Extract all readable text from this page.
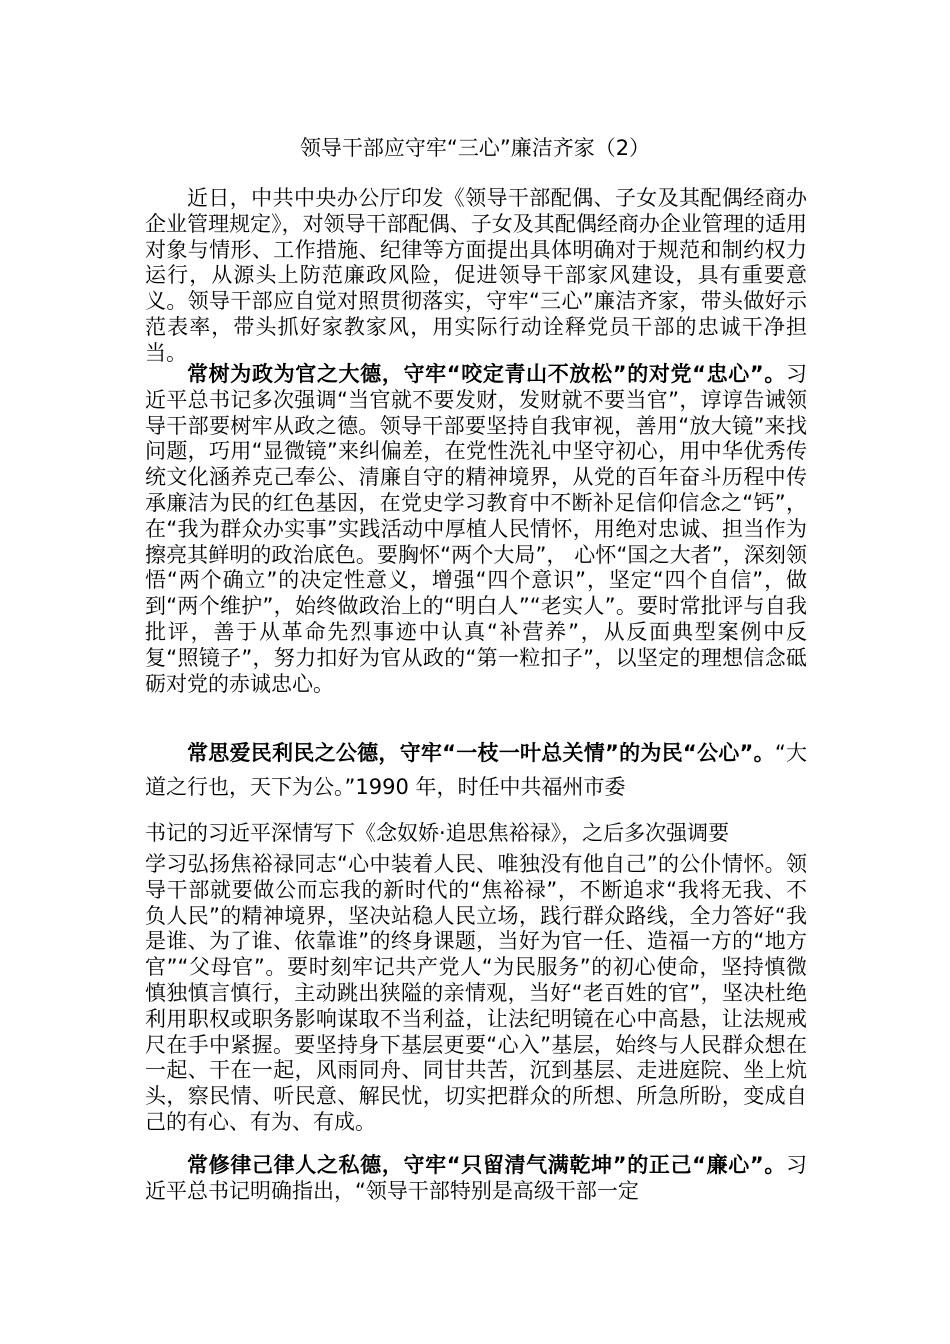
领导干部应守牢“三心”廉洁齐家（2）

近日，中共中央办公厅印发《领导干部配偶、子女及其配偶经商办企业管理规定》，对领导干部配偶、子女及其配偶经商办企业管理的适用对象与情形、工作措施、纪律等方面提出具体明确对于规范和制约权力运行，从源头上防范廉政风险，促进领导干部家风建设，具有重要意义。领导干部应自觉对照贯彻落实，守牢“三心”廉洁齐家，带头做好示范表率，带头抓好家教家风，用实际行动诠释党员干部的忠诚干净担当。

常树为政为官之大德，守牢“咬定青山不放松”的对党“忠心”。习近平总书记多次强调“当官就不要发财，发财就不要当官”，谆谆告诫领导干部要树牢从政之德。领导干部要坚持自我审视，善用“放大镜”来找问题，巧用“显微镜”来纠偏差，在党性洗礼中坚守初心，用中华优秀传统文化涵养克己奉公、清廉自守的精神境界，从党的百年奋斗历程中传承廉洁为民的红色基因，在党史学习教育中不断补足信仰信念之“钙”，在“我为群众办实事”实践活动中厚植人民情怀，用绝对忠诚、担当作为擦亮其鲜明的政治底色。要胸怀“两个大局”， 心怀“国之大者”，深刻领悟“两个确立”的决定性意义，增强“四个意识”，坚定“四个自信”，做到“两个维护”，始终做政治上的“明白人”“老实人”。要时常批评与自我批评，善于从革命先烈事迹中认真“补营养”，从反面典型案例中反复“照镜子”，努力扣好为官从政的“第一粒扣子”，以坚定的理想信念砥砺对党的赤诚忠心。

常思爱民利民之公德，守牢“一枝一叶总关情”的为民“公心”。“大道之行也，天下为公。”1990 年，时任中共福州市委

书记的习近平深情写下《念奴娇·追思焦裕禄》，之后多次强调要

学习弘扬焦裕禄同志“心中装着人民、唯独没有他自己”的公仆情怀。领导干部就要做公而忘我的新时代的“焦裕禄”，不断追求“我将无我、不负人民”的精神境界，坚决站稳人民立场，践行群众路线，全力答好“我是谁、为了谁、依靠谁”的终身课题，当好为官一任、造福一方的“地方官”“父母官”。要时刻牢记共产党人“为民服务”的初心使命，坚持慎微慎独慎言慎行，主动跳出狭隘的亲情观，当好“老百姓的官”，坚决杜绝利用职权或职务影响谋取不当利益，让法纪明镜在心中高悬，让法规戒尺在手中紧握。要坚持身下基层更要“心入”基层，始终与人民群众想在一起、干在一起，风雨同舟、同甘共苦，沉到基层、走进庭院、坐上炕头，察民情、听民意、解民忧，切实把群众的所想、所急所盼，变成自己的有心、有为、有成。

常修律己律人之私德，守牢“只留清气满乾坤”的正己“廉心”。习近平总书记明确指出，“领导干部特别是高级干部一定
